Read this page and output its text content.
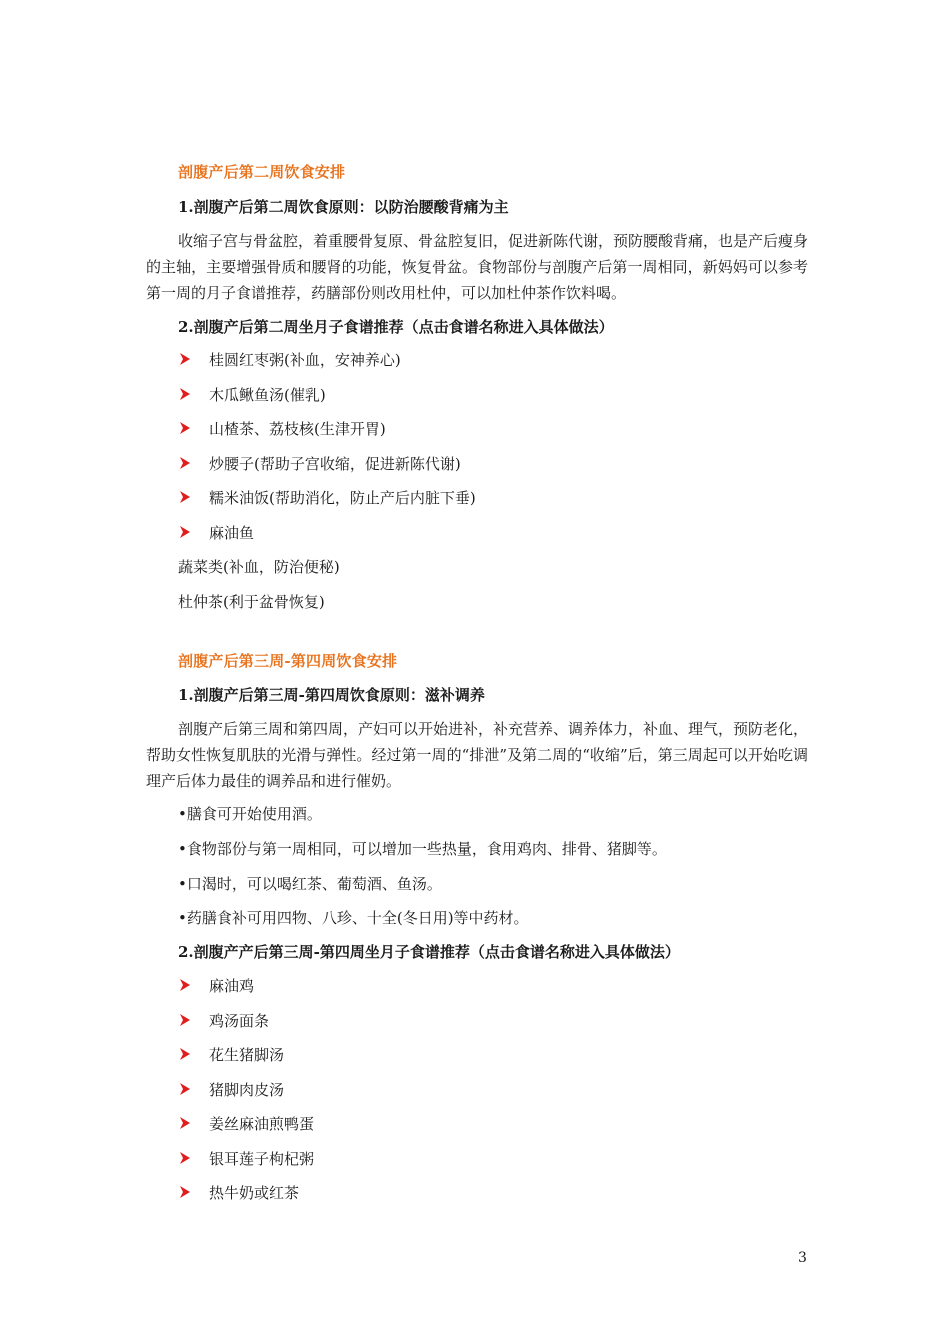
剖腹产后第二周饮食安排
1.剖腹产后第二周饮食原则：以防治腰酸背痛为主
收缩子宫与骨盆腔，着重腰骨复原、骨盆腔复旧，促进新陈代谢，预防腰酸背痛，也是产后瘦身的主轴，主要增强骨质和腰肾的功能，恢复骨盆。食物部份与剖腹产后第一周相同，新妈妈可以参考第一周的月子食谱推荐，药膳部份则改用杜仲，可以加杜仲茶作饮料喝。
2.剖腹产后第二周坐月子食谱推荐（点击食谱名称进入具体做法）
桂圆红枣粥(补血，安神养心)
木瓜鳅鱼汤(催乳)
山楂茶、荔枝核(生津开胃)
炒腰子(帮助子宫收缩，促进新陈代谢)
糯米油饭(帮助消化，防止产后内脏下垂)
麻油鱼
蔬菜类(补血，防治便秘)
杜仲茶(利于盆骨恢复)
剖腹产后第三周-第四周饮食安排
1.剖腹产后第三周-第四周饮食原则：滋补调养
剖腹产后第三周和第四周，产妇可以开始进补，补充营养、调养体力，补血、理气，预防老化，帮助女性恢复肌肤的光滑与弹性。经过第一周的“排泄”及第二周的“收缩”后，第三周起可以开始吃调理产后体力最佳的调养品和进行催奶。
•膳食可开始使用酒。
•食物部份与第一周相同，可以增加一些热量，食用鸡肉、排骨、猪脚等。
•口渴时，可以喝红茶、葡萄酒、鱼汤。
•药膳食补可用四物、八珍、十全(冬日用)等中药材。
2.剖腹产产后第三周-第四周坐月子食谱推荐（点击食谱名称进入具体做法）
麻油鸡
鸡汤面条
花生猪脚汤
猪脚肉皮汤
姜丝麻油煎鸭蛋
银耳莲子枸杞粥
热牛奶或红茶
3
